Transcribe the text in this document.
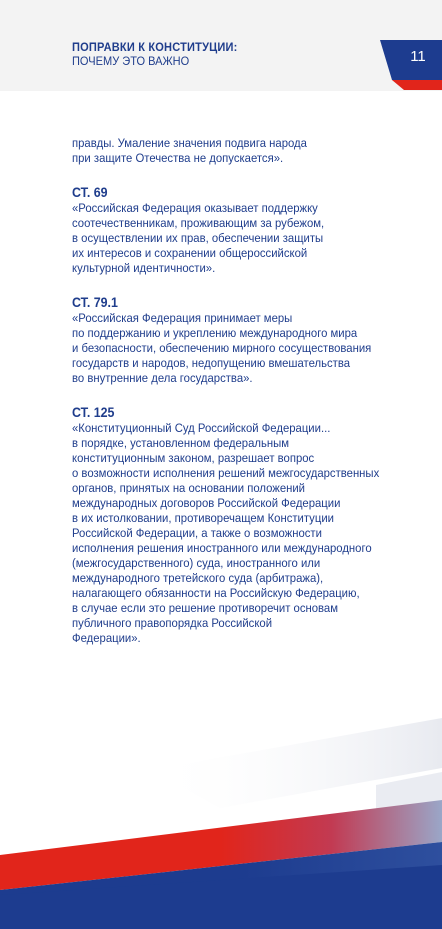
ПОПРАВКИ К КОНСТИТУЦИИ:
ПОЧЕМУ ЭТО ВАЖНО	11

правды. Умаление значения подвига народа
при защите Отечества не допускается».

СТ. 69

«Российская Федерация оказывает поддержку
соотечественникам, проживающим за рубежом,
в осуществлении их прав, обеспечении защиты
их интересов и сохранении общероссийской
культурной идентичности».

СТ. 79.1

«Российская Федерация принимает меры
по поддержанию и укреплению международного мира
и безопасности, обеспечению мирного сосуществования
государств и народов, недопущению вмешательства
во внутренние дела государства».

СТ. 125

«Конституционный Суд Российской Федерации...
в порядке, установленном федеральным
конституционным законом, разрешает вопрос
о возможности исполнения решений межгосударственных
органов, принятых на основании положений
международных договоров Российской Федерации
в их истолковании, противоречащем Конституции
Российской Федерации, а также о возможности
исполнения решения иностранного или международного
(межгосударственного) суда, иностранного или
международного третейского суда (арбитража),
налагающего обязанности на Российскую Федерацию,
в случае если это решение противоречит основам
публичного правопорядка Российской
Федерации».
